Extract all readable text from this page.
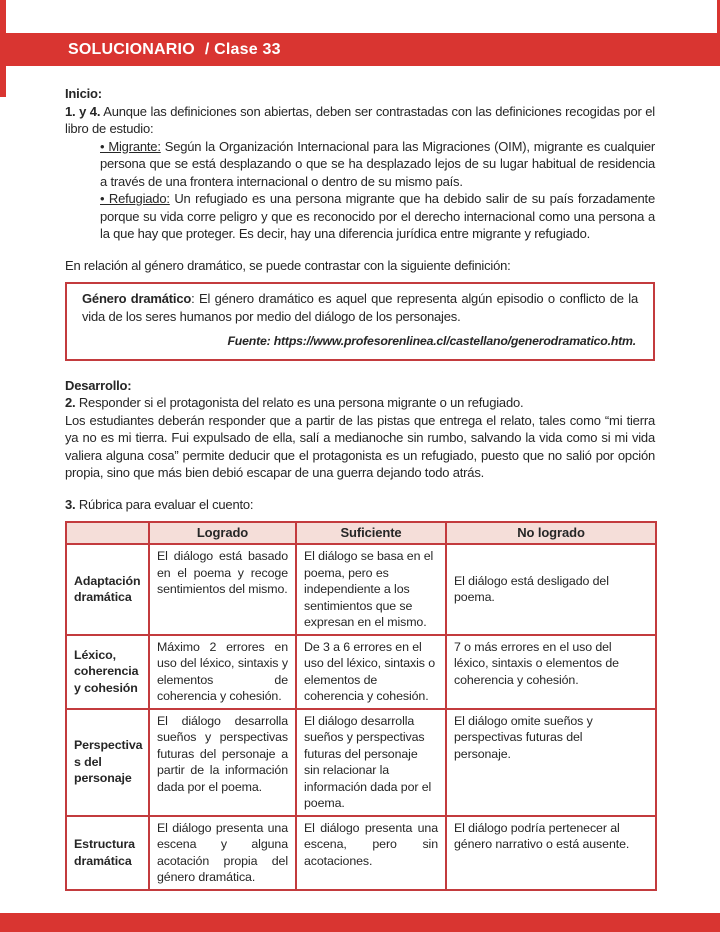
SOLUCIONARIO / Clase 33

Inicio:

1. y 4. Aunque las definiciones son abiertas, deben ser contrastadas con las definiciones recogidas por el libro de estudio:

• Migrante: Según la Organización Internacional para las Migraciones (OIM), migrante es cualquier persona que se está desplazando o que se ha desplazado lejos de su lugar habitual de residencia a través de una frontera internacional o dentro de su mismo país.

• Refugiado: Un refugiado es una persona migrante que ha debido salir de su país forzadamente porque su vida corre peligro y que es reconocido por el derecho internacional como una persona a la que hay que proteger. Es decir, hay una diferencia jurídica entre migrante y refugiado.

En relación al género dramático, se puede contrastar con la siguiente definición:

Género dramático: El género dramático es aquel que representa algún episodio o conflicto de la vida de los seres humanos por medio del diálogo de los personajes.

Fuente: https://www.profesorenlinea.cl/castellano/generodramatico.htm.

Desarrollo:

2. Responder si el protagonista del relato es una persona migrante o un refugiado.

Los estudiantes deberán responder que a partir de las pistas que entrega el relato, tales como “mi tierra ya no es mi tierra. Fui expulsado de ella, salí a medianoche sin rumbo, salvando la vida como si mi vida valiera alguna cosa” permite deducir que el protagonista es un refugiado, puesto que no salió por opción propia, sino que más bien debió escapar de una guerra dejando todo atrás.

3. Rúbrica para evaluar el cuento:

	Logrado	Suficiente	No logrado
Adaptación dramática	El diálogo está basado en el poema y recoge sentimientos del mismo.	El diálogo se basa en el poema, pero es independiente a los sentimientos que se expresan en el mismo.	El diálogo está desligado del poema.
Léxico, coherencia y cohesión	Máximo 2 errores en uso del léxico, sintaxis y elementos de coherencia y cohesión.	De 3 a 6 errores en el uso del léxico, sintaxis o elementos de coherencia y cohesión.	7 o más errores en el uso del léxico, sintaxis o elementos de coherencia y cohesión.
Perspectivas del personaje	El diálogo desarrolla sueños y perspectivas futuras del personaje a partir de la información dada por el poema.	El diálogo desarrolla sueños y perspectivas futuras del personaje sin relacionar la información dada por el poema.	El diálogo omite sueños y perspectivas futuras del personaje.
Estructura dramática	El diálogo presenta una escena y alguna acotación propia del género dramática.	El diálogo presenta una escena, pero sin acotaciones.	El diálogo podría pertenecer al género narrativo o está ausente.
